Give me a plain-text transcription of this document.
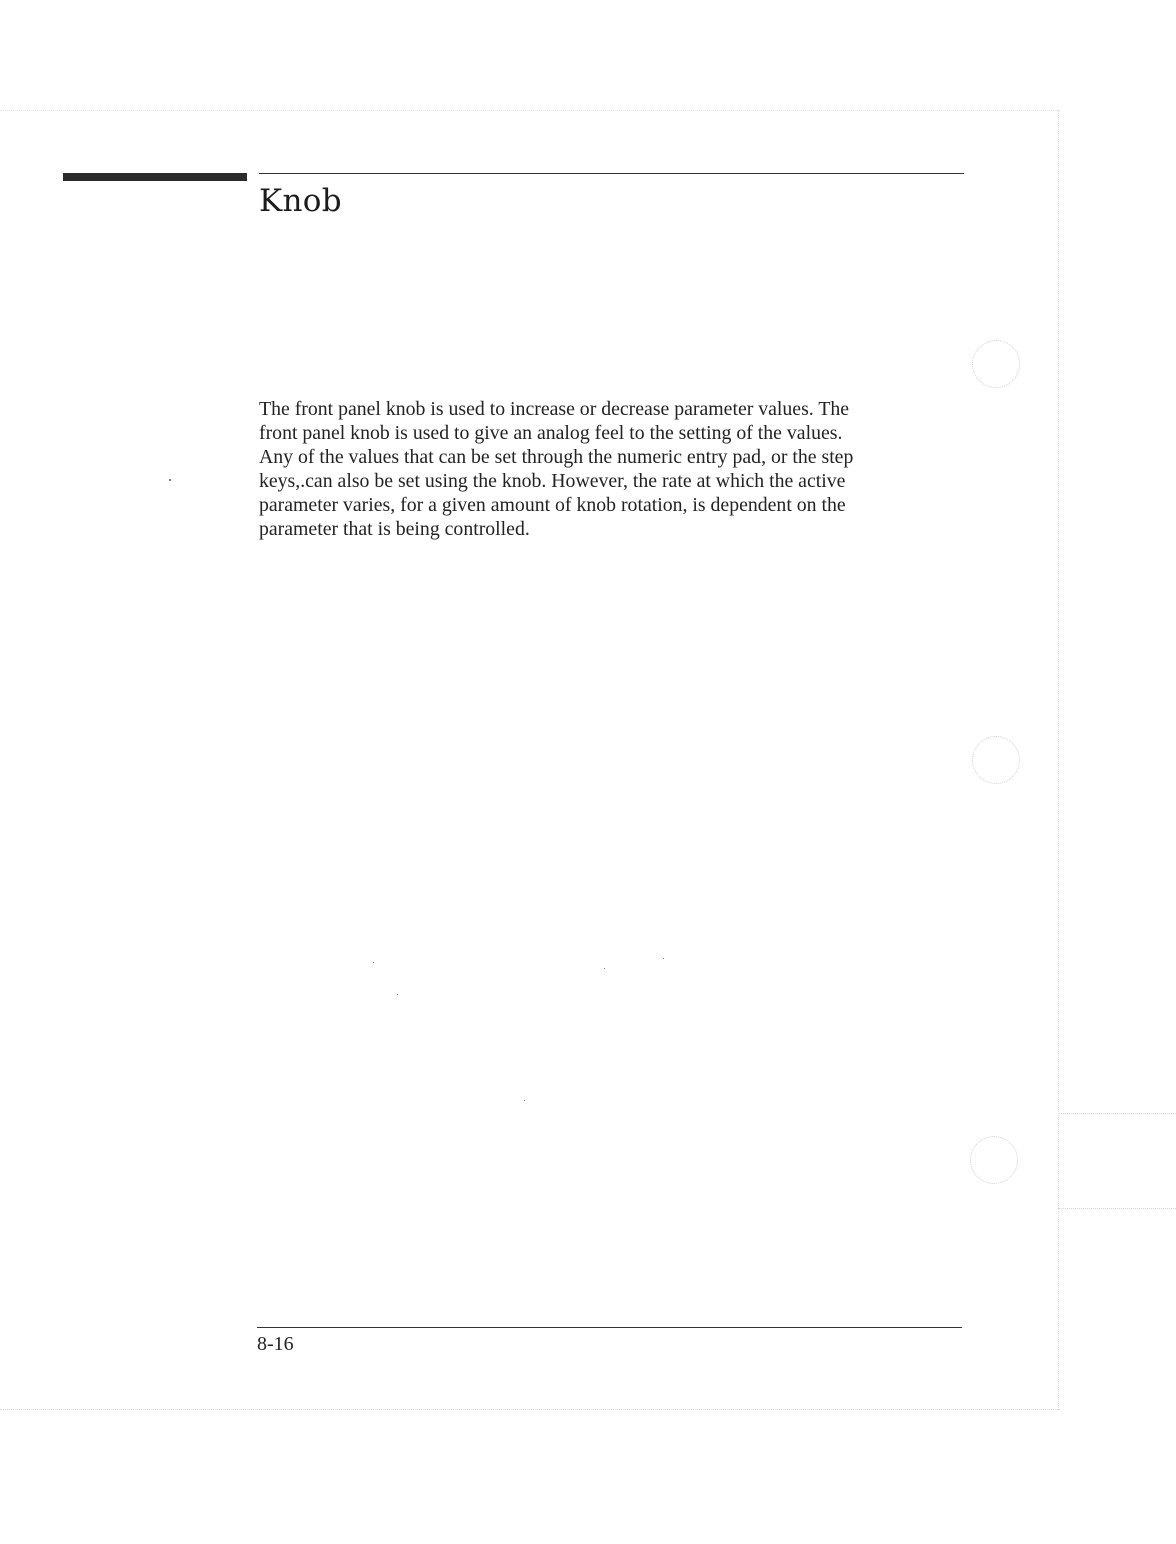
Knob

The front panel knob is used to increase or decrease parameter values. The
front panel knob is used to give an analog feel to the setting of the values.
Any of the values that can be set through the numeric entry pad, or the step
keys,.can also be set using the knob. However, the rate at which the active
parameter varies, for a given amount of knob rotation, is dependent on the
parameter that is being controlled.

8-16
